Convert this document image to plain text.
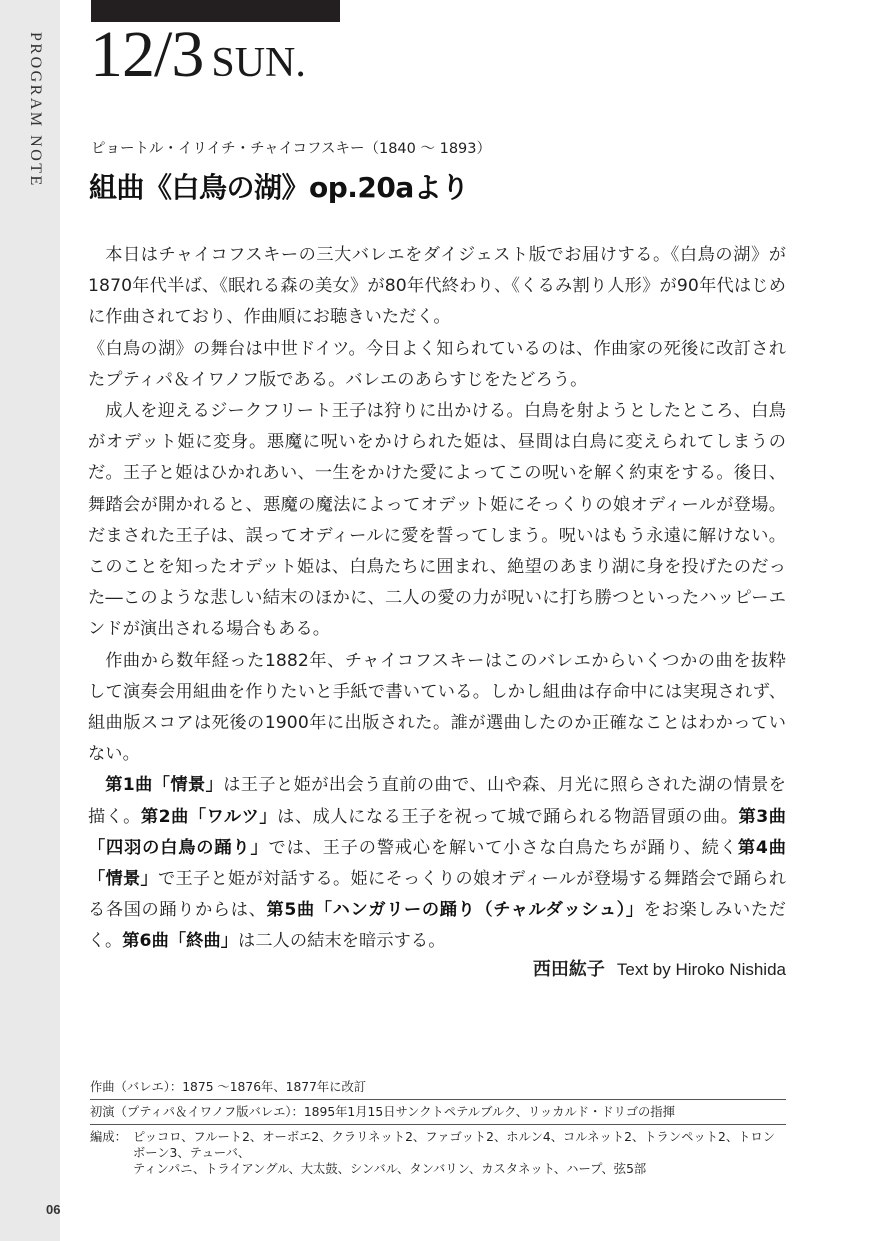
PROGRAM NOTE
06
12/3 SUN.
ピョートル・イリイチ・チャイコフスキー（1840 ～ 1893）
組曲《白鳥の湖》op.20aより

本日はチャイコフスキーの三大バレエをダイジェスト版でお届けする。《白鳥の湖》が1870年代半ば、《眠れる森の美女》が80年代終わり、《くるみ割り人形》が90年代はじめに作曲されており、作曲順にお聴きいただく。

《白鳥の湖》の舞台は中世ドイツ。今日よく知られているのは、作曲家の死後に改訂されたプティパ＆イワノフ版である。バレエのあらすじをたどろう。

成人を迎えるジークフリート王子は狩りに出かける。白鳥を射ようとしたところ、白鳥がオデット姫に変身。悪魔に呪いをかけられた姫は、昼間は白鳥に変えられてしまうのだ。王子と姫はひかれあい、一生をかけた愛によってこの呪いを解く約束をする。後日、舞踏会が開かれると、悪魔の魔法によってオデット姫にそっくりの娘オディールが登場。だまされた王子は、誤ってオディールに愛を誓ってしまう。呪いはもう永遠に解けない。このことを知ったオデット姫は、白鳥たちに囲まれ、絶望のあまり湖に身を投げたのだった―このような悲しい結末のほかに、二人の愛の力が呪いに打ち勝つといったハッピーエンドが演出される場合もある。

作曲から数年経った1882年、チャイコフスキーはこのバレエからいくつかの曲を抜粋して演奏会用組曲を作りたいと手紙で書いている。しかし組曲は存命中には実現されず、組曲版スコアは死後の1900年に出版された。誰が選曲したのか正確なことはわかっていない。

第1曲「情景」は王子と姫が出会う直前の曲で、山や森、月光に照らされた湖の情景を描く。第2曲「ワルツ」は、成人になる王子を祝って城で踊られる物語冒頭の曲。第3曲「四羽の白鳥の踊り」では、王子の警戒心を解いて小さな白鳥たちが踊り、続く第4曲「情景」で王子と姫が対話する。姫にそっくりの娘オディールが登場する舞踏会で踊られる各国の踊りからは、第5曲「ハンガリーの踊り（チャルダッシュ）」をお楽しみいただく。第6曲「終曲」は二人の結末を暗示する。

西田紘子 Text by Hiroko Nishida
作曲（バレエ）：1875 ～1876年、1877年に改訂
初演（プティパ＆イワノフ版バレエ）：1895年1月15日サンクトペテルブルク、リッカルド・ドリゴの指揮
編成： ピッコロ、フルート2、オーボエ2、クラリネット2、ファゴット2、ホルン4、コルネット2、トランペット2、トロンボーン3、テューバ、
ティンパニ、トライアングル、大太鼓、シンバル、タンバリン、カスタネット、ハープ、弦5部
